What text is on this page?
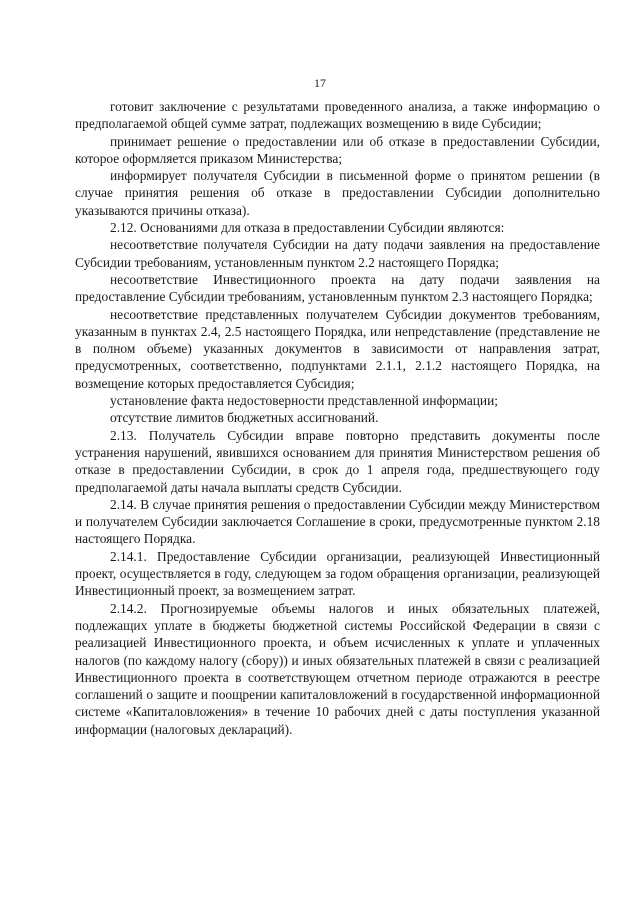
17

готовит заключение с результатами проведенного анализа, а также информацию о предполагаемой общей сумме затрат, подлежащих возмещению в виде Субсидии;

принимает решение о предоставлении или об отказе в предоставлении Субсидии, которое оформляется приказом Министерства;

информирует получателя Субсидии в письменной форме о принятом решении (в случае принятия решения об отказе в предоставлении Субсидии дополнительно указываются причины отказа).

2.12. Основаниями для отказа в предоставлении Субсидии являются:

несоответствие получателя Субсидии на дату подачи заявления на предоставление Субсидии требованиям, установленным пунктом 2.2 настоящего Порядка;

несоответствие Инвестиционного проекта на дату подачи заявления на предоставление Субсидии требованиям, установленным пунктом 2.3 настоящего Порядка;

несоответствие представленных получателем Субсидии документов требованиям, указанным в пунктах 2.4, 2.5 настоящего Порядка, или непредставление (представление не в полном объеме) указанных документов в зависимости от направления затрат, предусмотренных, соответственно, подпунктами 2.1.1, 2.1.2 настоящего Порядка, на возмещение которых предоставляется Субсидия;

установление факта недостоверности представленной информации;

отсутствие лимитов бюджетных ассигнований.

2.13. Получатель Субсидии вправе повторно представить документы после устранения нарушений, явившихся основанием для принятия Министерством решения об отказе в предоставлении Субсидии, в срок до 1 апреля года, предшествующего году предполагаемой даты начала выплаты средств Субсидии.

2.14. В случае принятия решения о предоставлении Субсидии между Министерством и получателем Субсидии заключается Соглашение в сроки, предусмотренные пунктом 2.18 настоящего Порядка.

2.14.1. Предоставление Субсидии организации, реализующей Инвестиционный проект, осуществляется в году, следующем за годом обращения организации, реализующей Инвестиционный проект, за возмещением затрат.

2.14.2. Прогнозируемые объемы налогов и иных обязательных платежей, подлежащих уплате в бюджеты бюджетной системы Российской Федерации в связи с реализацией Инвестиционного проекта, и объем исчисленных к уплате и уплаченных налогов (по каждому налогу (сбору)) и иных обязательных платежей в связи с реализацией Инвестиционного проекта в соответствующем отчетном периоде отражаются в реестре соглашений о защите и поощрении капиталовложений в государственной информационной системе «Капиталовложения» в течение 10 рабочих дней с даты поступления указанной информации (налоговых деклараций).
